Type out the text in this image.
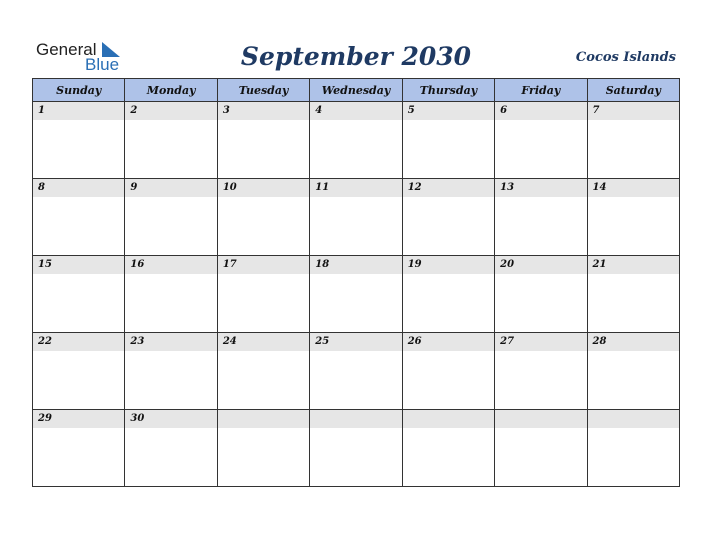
General
Blue	September 2030	Cocos Islands
Sunday	Monday	Tuesday	Wednesday	Thursday	Friday	Saturday

1	2	3	4	5	6	7

8	9	10	11	12	13	14

15	16	17	18	19	20	21

22	23	24	25	26	27	28

29	30					
